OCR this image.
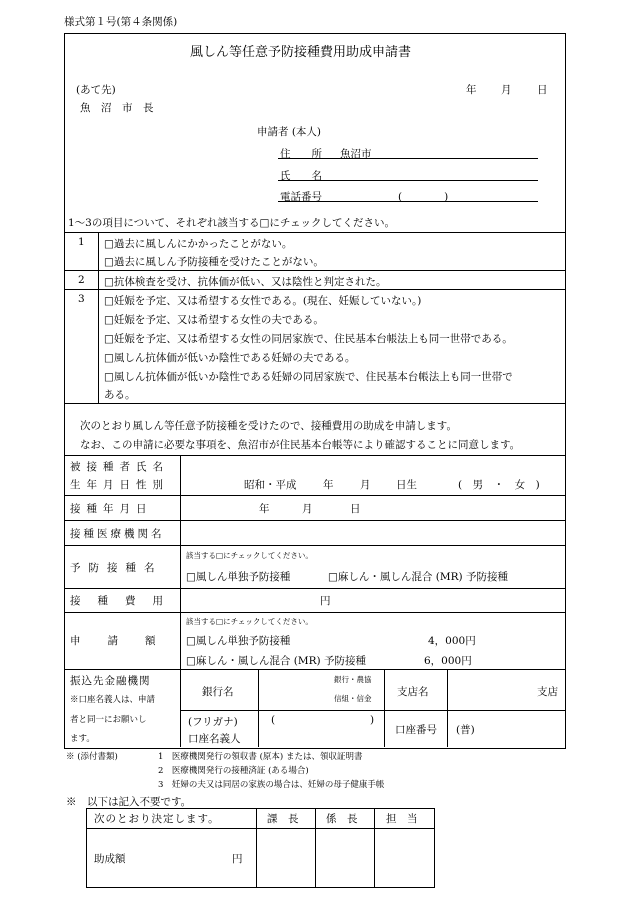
様式第１号(第４条関係)
風しん等任意予防接種費用助成申請書
(あて先)	年 月 日
魚　沼　市　長
申請者 (本人)
住　　所 魚沼市
氏　　名
電話番号	(　　　　)
1～3の項目について、それぞれ該当する□にチェックしてください。
1 □過去に風しんにかかったことがない。
□過去に風しん予防接種を受けたことがない。
2 □抗体検査を受け、抗体価が低い、又は陰性と判定された。
3 □妊娠を予定、又は希望する女性である。(現在、妊娠していない。)
□妊娠を予定、又は希望する女性の夫である。
□妊娠を予定、又は希望する女性の同居家族で、住民基本台帳法上も同一世帯である。
□風しん抗体価が低いか陰性である妊婦の夫である。
□風しん抗体価が低いか陰性である妊婦の同居家族で、住民基本台帳法上も同一世帯で
ある。
次のとおり風しん等任意予防接種を受けたので、接種費用の助成を申請します。
なお、この申請に必要な事項を、魚沼市が住民基本台帳等により確認することに同意します。
被接種者氏名
生年月日性別	昭和・平成	年	月 日生	(　男　・　女　)
接種年月日	年	月	日
接種医療機関名
予防接種名
該当する□にチェックしてください。
□風しん単独予防接種	□麻しん・風しん混合 (MR) 予防接種
接種費用	円
申請額
該当する□にチェックしてください。
□風しん単独予防接種	4，000円
□麻しん・風しん混合 (MR) 予防接種	6，000円
振込先金融機関
※口座名義人は、申請
者と同一にお願いし
ます。
銀行名
銀行・農協
信組・信金
支店名	支店
(フリガナ)	(	)
口座名義人
口座番号 (普)
※ (添付書類)	1　医療機関発行の領収書 (原本) または、領収証明書
2　医療機関発行の接種済証 (ある場合)
3　妊婦の夫又は同居の家族の場合は、妊婦の母子健康手帳
※　以下は記入不要です。
次のとおり決定します。	課　長	係　長	担　当
助成額	円
